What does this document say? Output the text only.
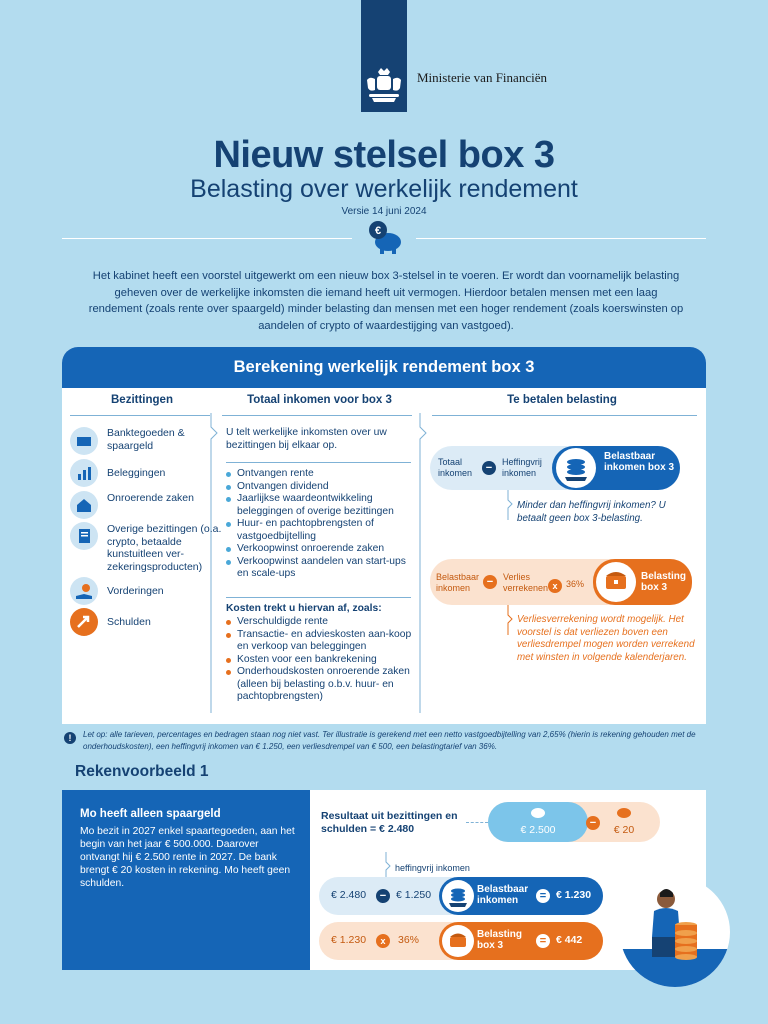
Ministerie van Financiën
Nieuw stelsel box 3
Belasting over werkelijk rendement
Versie 14 juni 2024
€
Het kabinet heeft een voorstel uitgewerkt om een nieuw box 3-stelsel in te voeren. Er wordt dan voornamelijk belasting geheven over de werkelijke inkomsten die iemand heeft uit vermogen. Hierdoor betalen mensen met een laag rendement (zoals rente over spaargeld) minder belasting dan mensen met een hoger rendement (zoals koerswinsten op aandelen of crypto of waardestijging van vastgoed).
Berekening werkelijk rendement box 3
Bezittingen	Totaal inkomen voor box 3	Te betalen belasting
Banktegoeden & spaargeld
Beleggingen
Onroerende zaken
Overige bezittingen (o.a. crypto, betaalde kunstuitleen ver-zekeringsproducten)
Vorderingen
Schulden
U telt werkelijke inkomsten over uw bezittingen bij elkaar op.
Ontvangen rente
Ontvangen dividend
Jaarlijkse waardeontwikkeling beleggingen of overige bezittingen
Huur- en pachtopbrengsten of vastgoedbijtelling
Verkoopwinst onroerende zaken
Verkoopwinst aandelen van start-ups en scale-ups
Kosten trekt u hiervan af, zoals:
Verschuldigde rente
Transactie- en advieskosten aan-koop en verkoop van beleggingen
Kosten voor een bankrekening
Onderhoudskosten onroerende zaken (alleen bij belasting o.b.v. huur- en pachtopbrengsten)
Totaal inkomen	−	Heffingvrij inkomen
Belastbaar inkomen box 3
Minder dan heffingvrij inkomen? U betaalt geen box 3-belasting.
Belastbaar inkomen	−	Verlies verrekenen x 36%
Belasting box 3
Verliesverrekening wordt mogelijk. Het voorstel is dat verliezen boven een verliesdrempel mogen worden verrekend met winsten in volgende kalenderjaren.
!	Let op: alle tarieven, percentages en bedragen staan nog niet vast. Ter illustratie is gerekend met een netto vastgoedbijtelling van 2,65% (hierin is rekening gehouden met de onderhoudskosten), een heffingvrij inkomen van € 1.250, een verliesdrempel van € 500, een belastingtarief van 36%.
Rekenvoorbeeld 1
Mo heeft alleen spaargeld
Mo bezit in 2027 enkel spaartegoeden, aan het begin van het jaar € 500.000. Daarover ontvangt hij € 2.500 rente in 2027. De bank brengt € 20 kosten in rekening. Mo heeft geen schulden.
Resultaat uit bezittingen en schulden = € 2.480	€ 2.500
−
€ 20
heffingvrij inkomen
€ 2.480	− € 1.250	Belastbaar inkomen	= € 1.230
€ 1.230	x	36%	Belasting box 3	= € 442
